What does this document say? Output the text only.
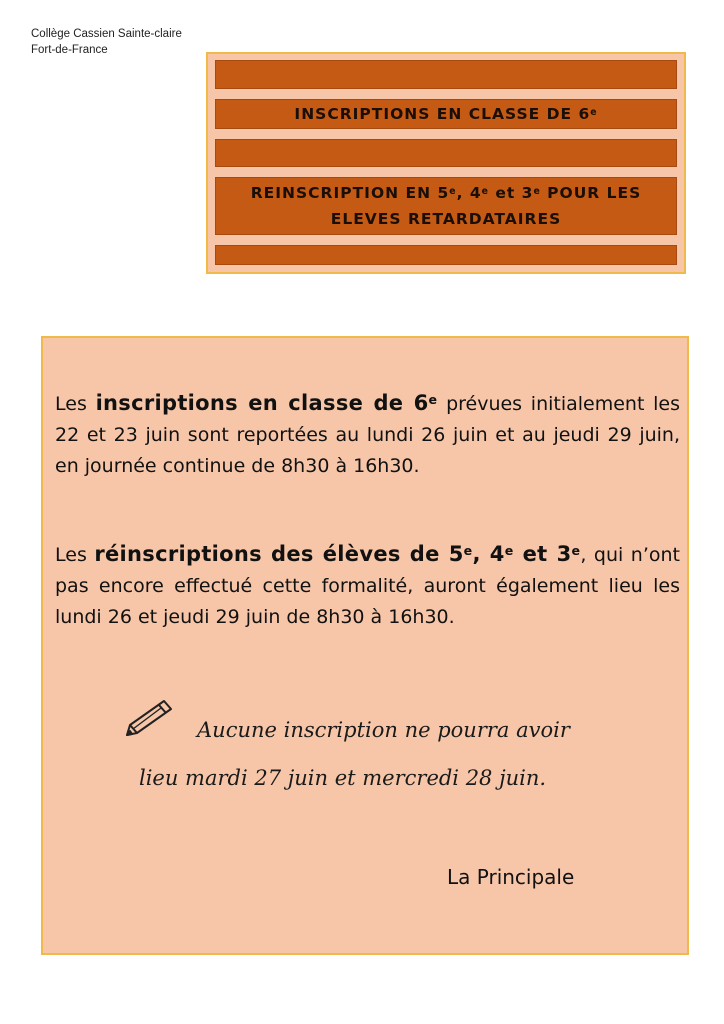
Collège Cassien Sainte-claire
Fort-de-France
INSCRIPTIONS EN CLASSE DE 6e
REINSCRIPTION EN 5e, 4e et 3e POUR LES ELEVES RETARDATAIRES
Les inscriptions en classe de 6e prévues initialement les 22 et 23 juin sont reportées au lundi 26 juin et au jeudi 29 juin, en journée continue de 8h30 à 16h30.
Les réinscriptions des élèves de 5e, 4e et 3e, qui n’ont pas encore effectué cette formalité, auront également lieu les lundi 26 et jeudi 29 juin de 8h30 à 16h30.
Aucune inscription ne pourra avoir
lieu mardi 27 juin et mercredi 28 juin.
La Principale
